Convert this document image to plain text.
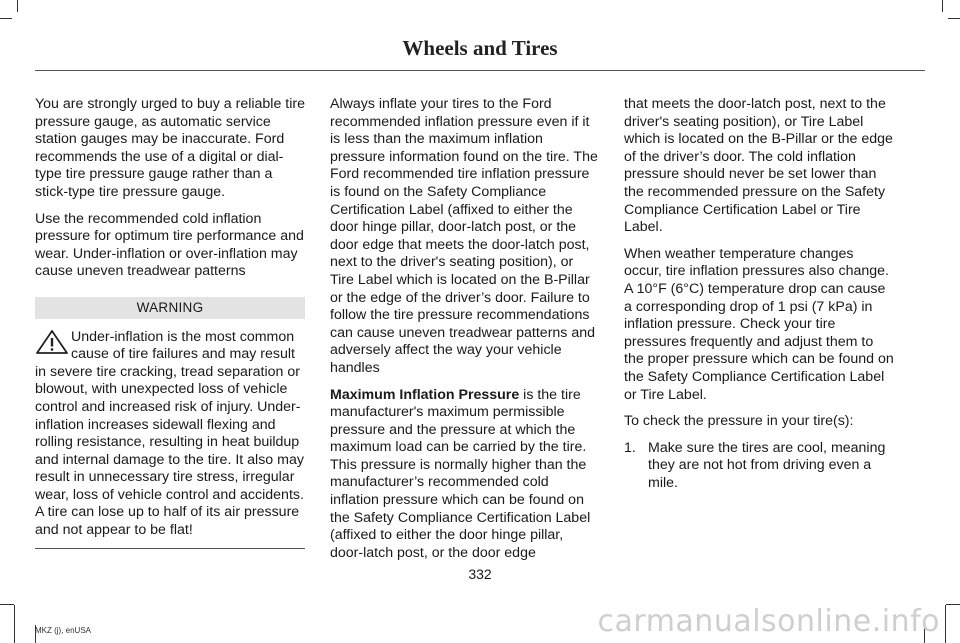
Wheels and Tires

You are strongly urged to buy a reliable tire pressure gauge, as automatic service station gauges may be inaccurate. Ford recommends the use of a digital or dial-type tire pressure gauge rather than a stick-type tire pressure gauge.

Use the recommended cold inflation pressure for optimum tire performance and wear. Under-inflation or over-inflation may cause uneven treadwear patterns

WARNING
Under-inflation is the most common cause of tire failures and may result in severe tire cracking, tread separation or blowout, with unexpected loss of vehicle control and increased risk of injury. Under-inflation increases sidewall flexing and rolling resistance, resulting in heat buildup and internal damage to the tire. It also may result in unnecessary tire stress, irregular wear, loss of vehicle control and accidents. A tire can lose up to half of its air pressure and not appear to be flat!

Always inflate your tires to the Ford recommended inflation pressure even if it is less than the maximum inflation pressure information found on the tire. The Ford recommended tire inflation pressure is found on the Safety Compliance Certification Label (affixed to either the door hinge pillar, door-latch post, or the door edge that meets the door-latch post, next to the driver's seating position), or Tire Label which is located on the B-Pillar or the edge of the driver’s door. Failure to follow the tire pressure recommendations can cause uneven treadwear patterns and adversely affect the way your vehicle handles

Maximum Inflation Pressure is the tire manufacturer's maximum permissible pressure and the pressure at which the maximum load can be carried by the tire. This pressure is normally higher than the manufacturer’s recommended cold inflation pressure which can be found on the Safety Compliance Certification Label (affixed to either the door hinge pillar, door-latch post, or the door edge

that meets the door-latch post, next to the driver's seating position), or Tire Label which is located on the B-Pillar or the edge of the driver’s door. The cold inflation pressure should never be set lower than the recommended pressure on the Safety Compliance Certification Label or Tire Label.

When weather temperature changes occur, tire inflation pressures also change. A 10°F (6°C) temperature drop can cause a corresponding drop of 1 psi (7 kPa) in inflation pressure. Check your tire pressures frequently and adjust them to the proper pressure which can be found on the Safety Compliance Certification Label or Tire Label.

To check the pressure in your tire(s):

1. Make sure the tires are cool, meaning they are not hot from driving even a mile.
332
MKZ (j), enUSA	carmanualsonline.info
